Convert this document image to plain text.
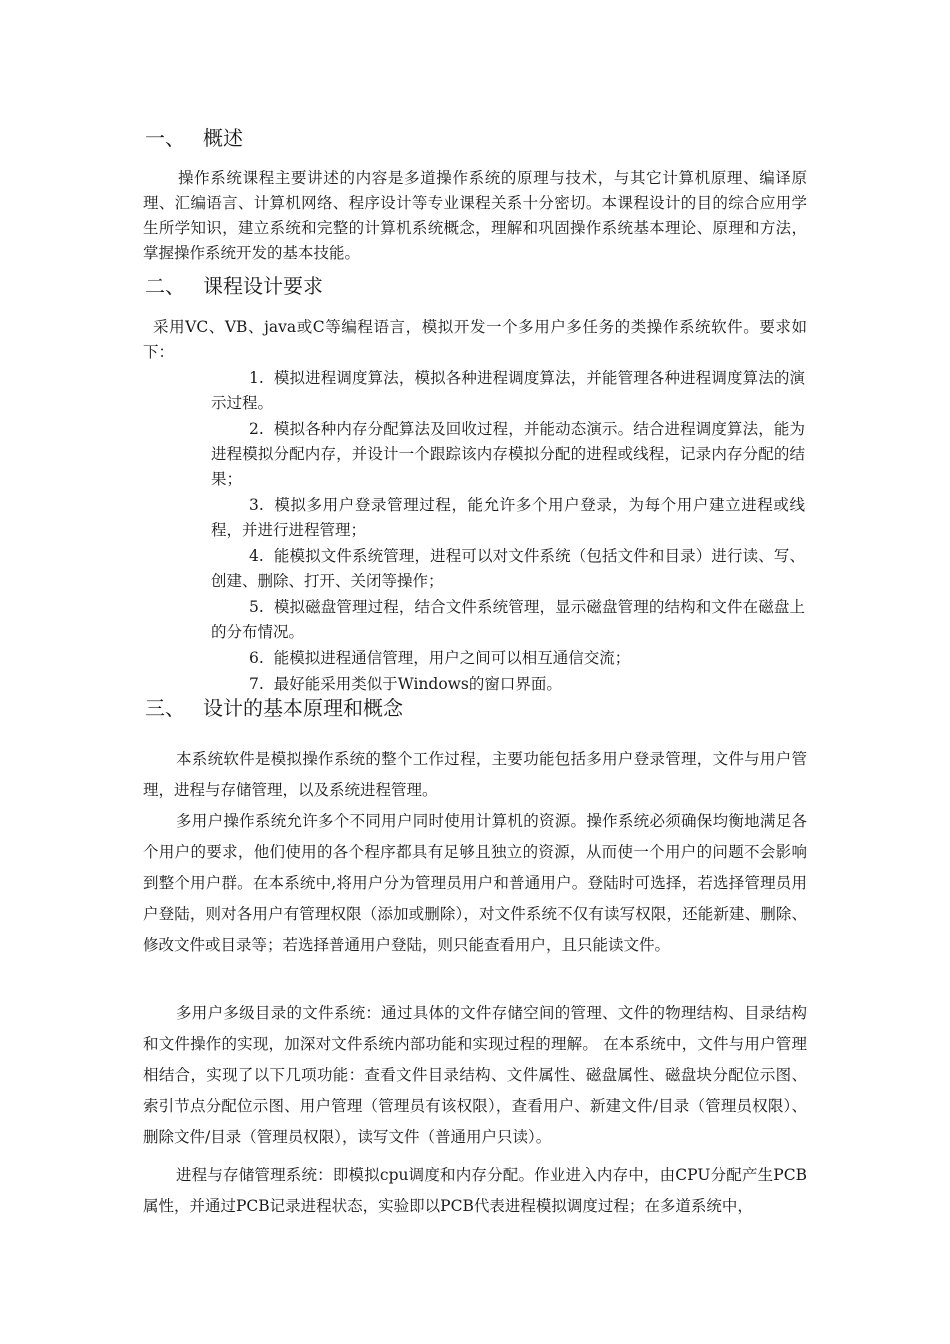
一、 概述

操作系统课程主要讲述的内容是多道操作系统的原理与技术，与其它计算机原理、编译原理、汇编语言、计算机网络、程序设计等专业课程关系十分密切。本课程设计的目的综合应用学生所学知识，建立系统和完整的计算机系统概念，理解和巩固操作系统基本理论、原理和方法，掌握操作系统开发的基本技能。

二、 课程设计要求

采用VC、VB、java或C等编程语言，模拟开发一个多用户多任务的类操作系统软件。要求如下：

1. 模拟进程调度算法，模拟各种进程调度算法，并能管理各种进程调度算法的演示过程。
2. 模拟各种内存分配算法及回收过程，并能动态演示。结合进程调度算法，能为进程模拟分配内存，并设计一个跟踪该内存模拟分配的进程或线程，记录内存分配的结果；
3. 模拟多用户登录管理过程，能允许多个用户登录，为每个用户建立进程或线程，并进行进程管理；
4. 能模拟文件系统管理，进程可以对文件系统（包括文件和目录）进行读、写、创建、删除、打开、关闭等操作；
5. 模拟磁盘管理过程，结合文件系统管理，显示磁盘管理的结构和文件在磁盘上的分布情况。
6. 能模拟进程通信管理，用户之间可以相互通信交流；
7. 最好能采用类似于Windows的窗口界面。
三、 设计的基本原理和概念

本系统软件是模拟操作系统的整个工作过程，主要功能包括多用户登录管理，文件与用户管理，进程与存储管理，以及系统进程管理。

多用户操作系统允许多个不同用户同时使用计算机的资源。操作系统必须确保均衡地满足各个用户的要求，他们使用的各个程序都具有足够且独立的资源，从而使一个用户的问题不会影响到整个用户群。在本系统中,将用户分为管理员用户和普通用户。登陆时可选择，若选择管理员用户登陆，则对各用户有管理权限（添加或删除），对文件系统不仅有读写权限，还能新建、删除、修改文件或目录等；若选择普通用户登陆，则只能查看用户，且只能读文件。

多用户多级目录的文件系统：通过具体的文件存储空间的管理、文件的物理结构、目录结构和文件操作的实现，加深对文件系统内部功能和实现过程的理解。 在本系统中，文件与用户管理相结合，实现了以下几项功能：查看文件目录结构、文件属性、磁盘属性、磁盘块分配位示图、索引节点分配位示图、用户管理（管理员有该权限），查看用户、新建文件/目录（管理员权限）、删除文件/目录（管理员权限），读写文件（普通用户只读）。

进程与存储管理系统：即模拟cpu调度和内存分配。作业进入内存中，由CPU分配产生PCB属性，并通过PCB记录进程状态，实验即以PCB代表进程模拟调度过程；在多道系统中，
